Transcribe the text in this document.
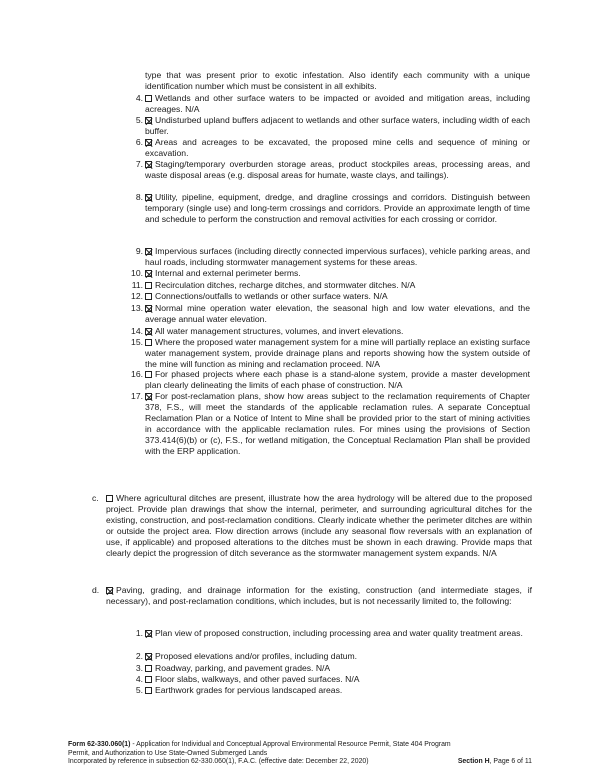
type that was present prior to exotic infestation. Also identify each community with a unique identification number which must be consistent in all exhibits.
4.	Wetlands and other surface waters to be impacted or avoided and mitigation areas, including acreages. N/A
5.	Undisturbed upland buffers adjacent to wetlands and other surface waters, including width of each buffer.
6.	Areas and acreages to be excavated, the proposed mine cells and sequence of mining or excavation.
7.	Staging/temporary overburden storage areas, product stockpiles areas, processing areas, and waste disposal areas (e.g. disposal areas for humate, waste clays, and tailings).
8.	Utility, pipeline, equipment, dredge, and dragline crossings and corridors. Distinguish between temporary (single use) and long-term crossings and corridors. Provide an approximate length of time and schedule to perform the construction and removal activities for each crossing or corridor.
9.	Impervious surfaces (including directly connected impervious surfaces), vehicle parking areas, and haul roads, including stormwater management systems for these areas.
10.	Internal and external perimeter berms.
11.	Recirculation ditches, recharge ditches, and stormwater ditches. N/A
12.	Connections/outfalls to wetlands or other surface waters. N/A
13.	Normal mine operation water elevation, the seasonal high and low water elevations, and the average annual water elevation.
14.	All water management structures, volumes, and invert elevations.
15.	Where the proposed water management system for a mine will partially replace an existing surface water management system, provide drainage plans and reports showing how the system outside of the mine will function as mining and reclamation proceed. N/A
16.	For phased projects where each phase is a stand-alone system, provide a master development plan clearly delineating the limits of each phase of construction. N/A
17.	For post-reclamation plans, show how areas subject to the reclamation requirements of Chapter 378, F.S., will meet the standards of the applicable reclamation rules. A separate Conceptual Reclamation Plan or a Notice of Intent to Mine shall be provided prior to the start of mining activities in accordance with the applicable reclamation rules. For mines using the provisions of Section 373.414(6)(b) or (c), F.S., for wetland mitigation, the Conceptual Reclamation Plan shall be provided with the ERP application.
c.	Where agricultural ditches are present, illustrate how the area hydrology will be altered due to the proposed project. Provide plan drawings that show the internal, perimeter, and surrounding agricultural ditches for the existing, construction, and post-reclamation conditions. Clearly indicate whether the perimeter ditches are within or outside the project area. Flow direction arrows (include any seasonal flow reversals with an explanation of use, if applicable) and proposed alterations to the ditches must be shown in each drawing. Provide maps that clearly depict the progression of ditch severance as the stormwater management system expands. N/A
d.	Paving, grading, and drainage information for the existing, construction (and intermediate stages, if necessary), and post-reclamation conditions, which includes, but is not necessarily limited to, the following:
1.	Plan view of proposed construction, including processing area and water quality treatment areas.
2.	Proposed elevations and/or profiles, including datum.
3.	Roadway, parking, and pavement grades. N/A
4.	Floor slabs, walkways, and other paved surfaces. N/A
5.	Earthwork grades for pervious landscaped areas.
Form 62-330.060(1) - Application for Individual and Conceptual Approval Environmental Resource Permit, State 404 Program
Permit, and Authorization to Use State-Owned Submerged Lands
Incorporated by reference in subsection 62-330.060(1), F.A.C. (effective date: December 22, 2020)	Section H, Page 6 of 11
